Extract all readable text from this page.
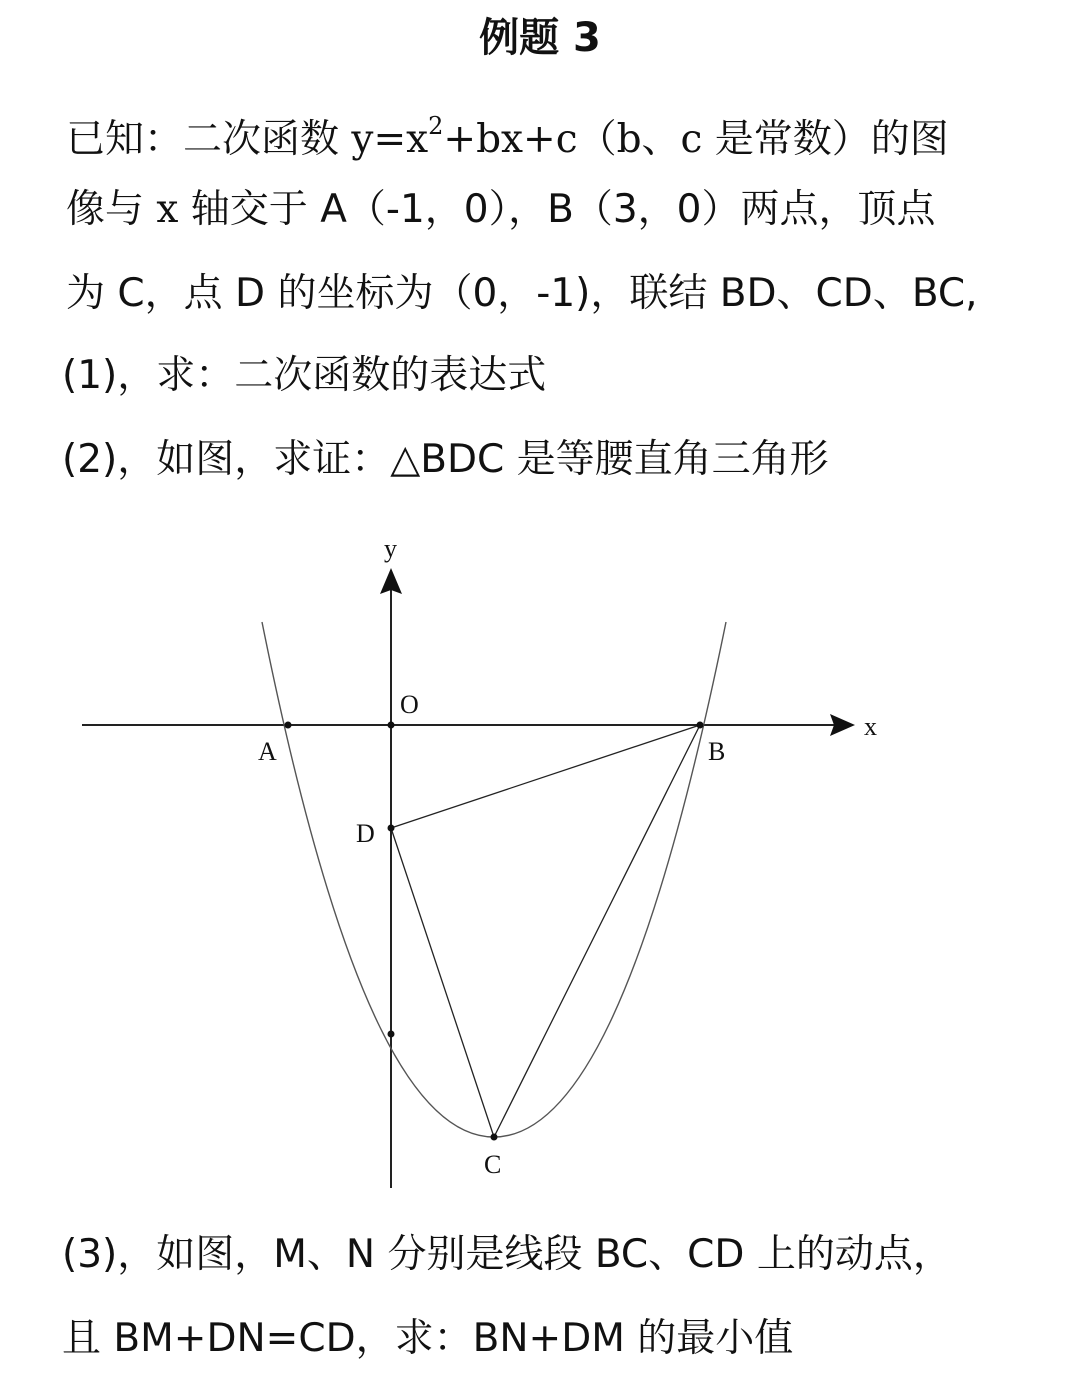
例题 3
已知：二次函数 $y=x^2+bx+c(b$、c 是常数）的图
像与 x 轴交于 A（-1，0），B（3，0）两点，顶点
为 C，点 D 的坐标为（0，-1)，联结 BD、CD、BC,
(1)，求：二次函数的表达式
(2)，如图，求证：△BDC 是等腰直角三角形
y
x
O
A	B
D
C
(3)，如图，M、N 分别是线段 BC、CD 上的动点，
且 BM+DN=CD，求：BN+DM 的最小值
